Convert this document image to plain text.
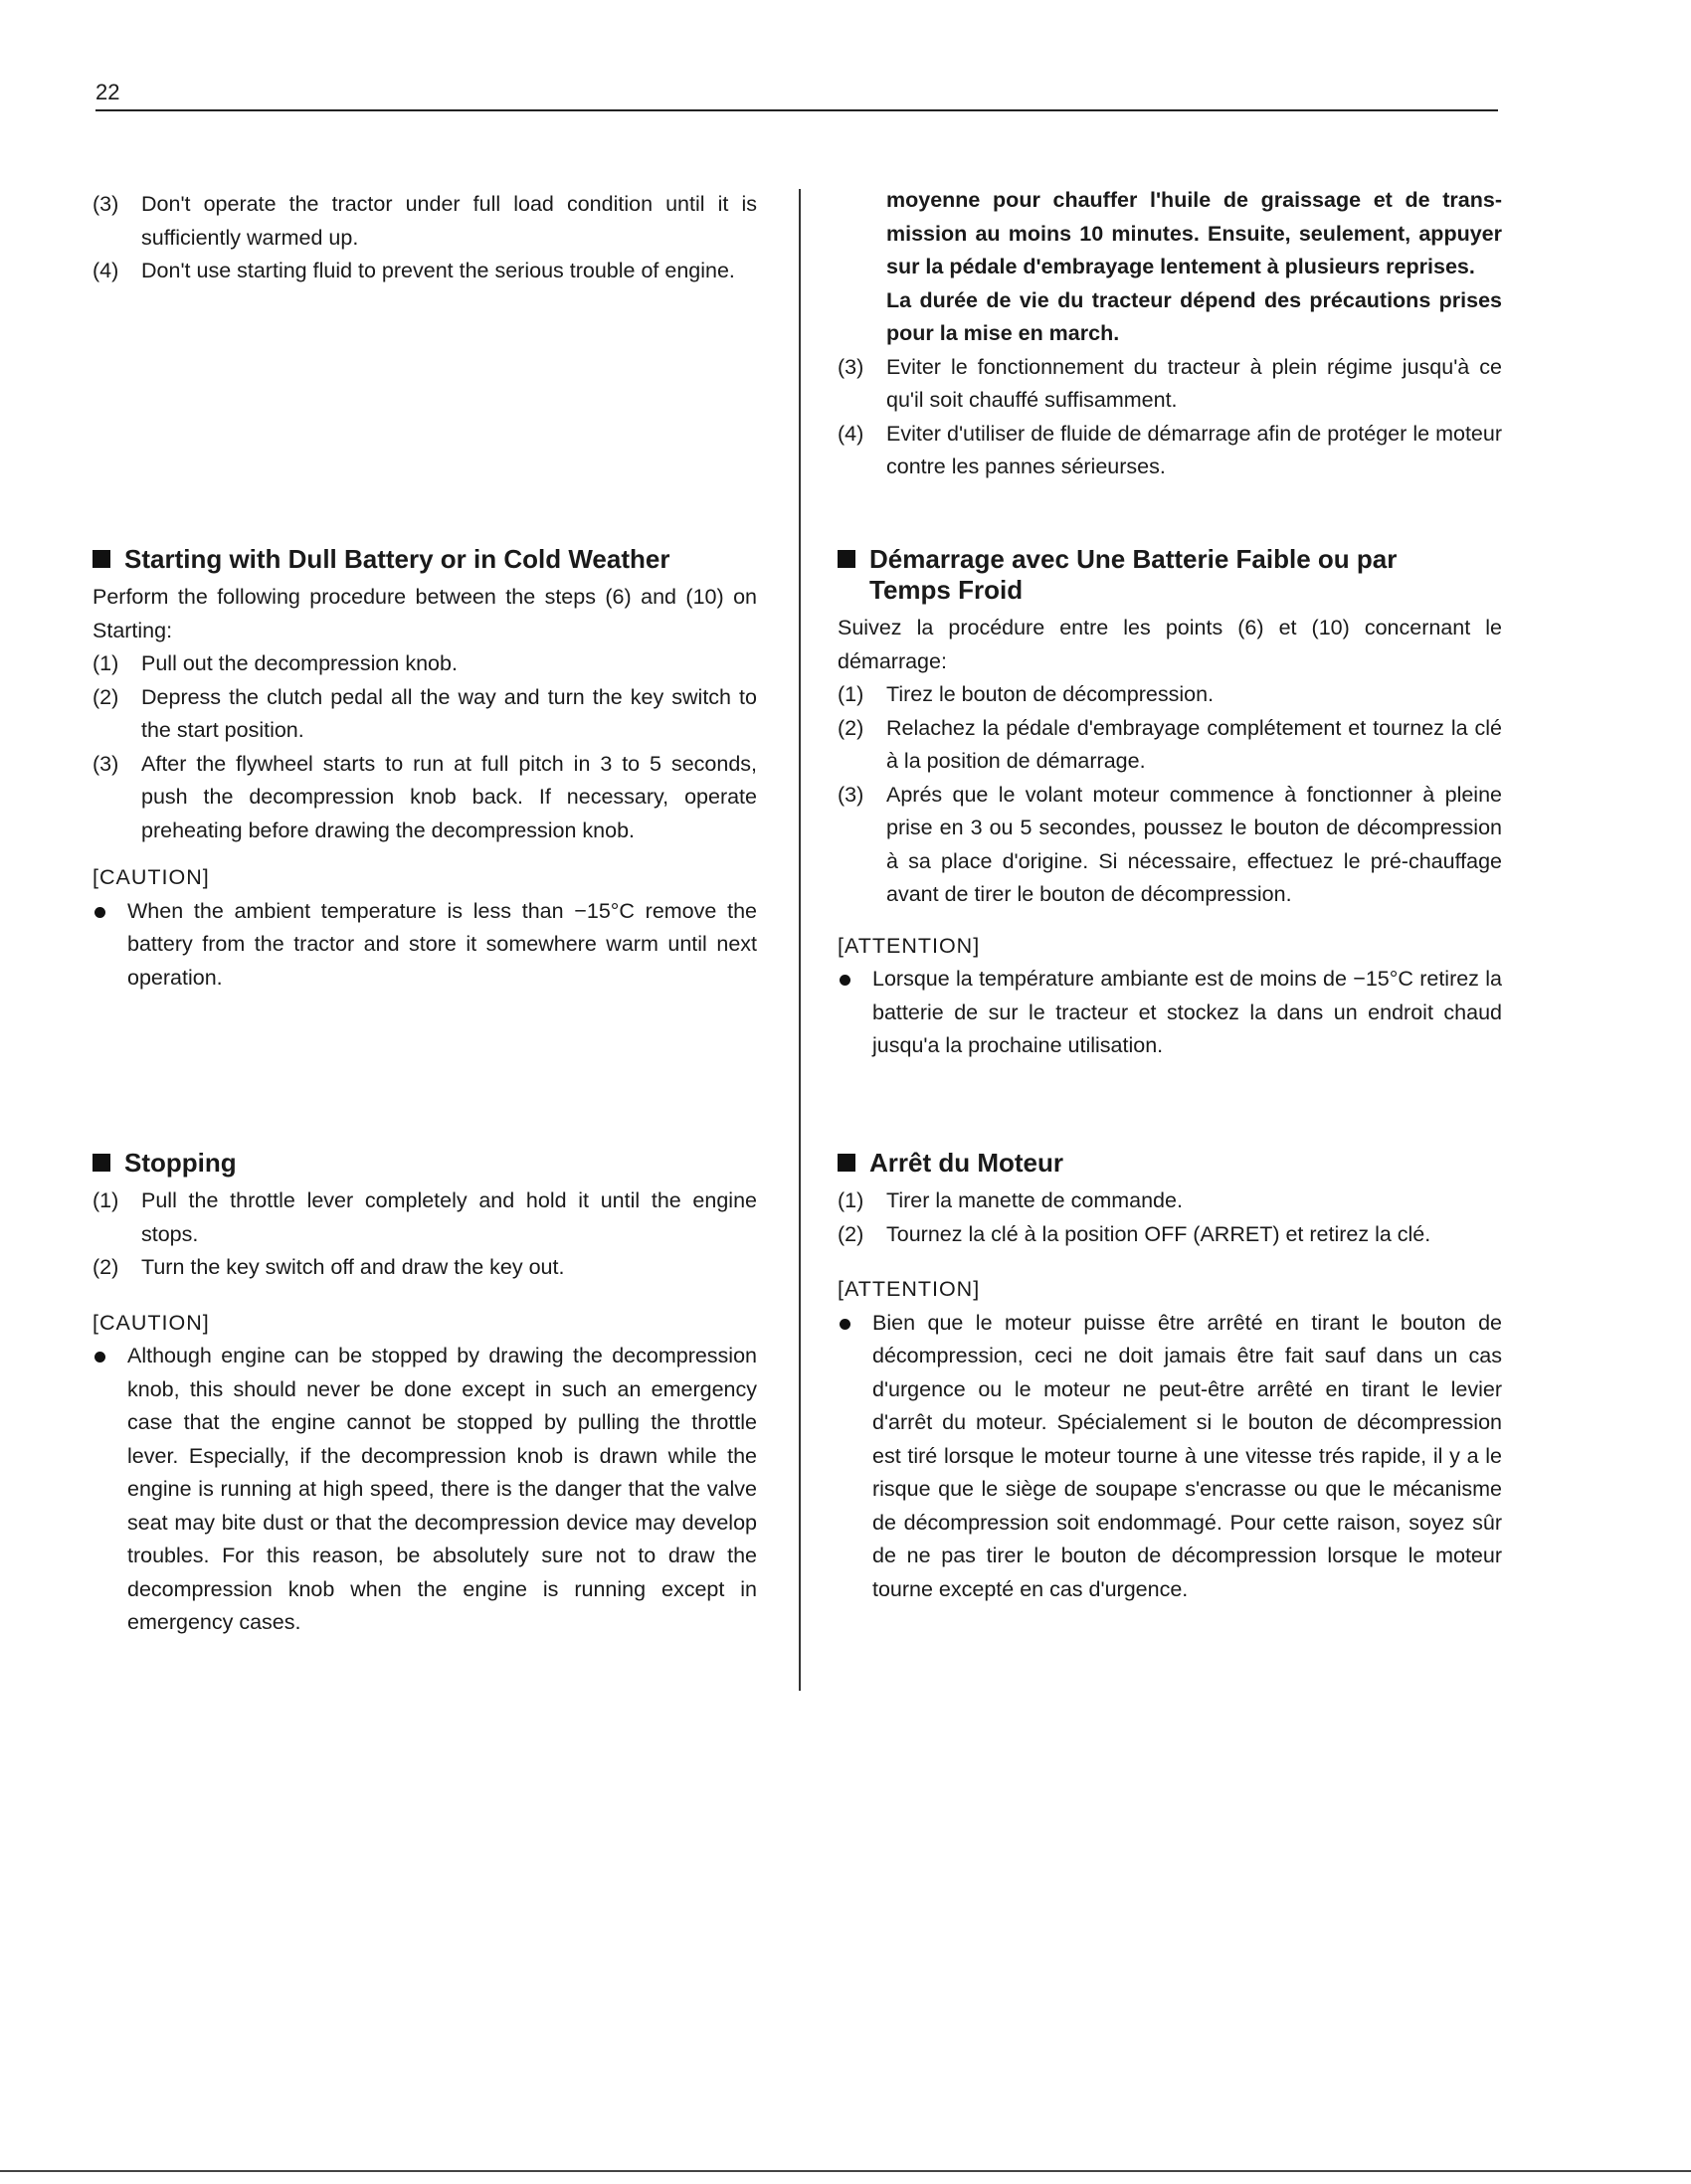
22
(3) Don't operate the tractor under full load condition until it is sufficiently warmed up.
(4) Don't use starting fluid to prevent the serious trouble of engine.
Starting with Dull Battery or in Cold Weather

Perform the following procedure between the steps (6) and (10) on Starting:

(1) Pull out the decompression knob.
(2) Depress the clutch pedal all the way and turn the key switch to the start position.
(3) After the flywheel starts to run at full pitch in 3 to 5 seconds, push the decompression knob back. If necessary, operate preheating before drawing the decompression knob.
[CAUTION]
When the ambient temperature is less than −15°C remove the battery from the tractor and store it somewhere warm until next operation.
Stopping
(1) Pull the throttle lever completely and hold it until the engine stops.
(2) Turn the key switch off and draw the key out.
[CAUTION]
Although engine can be stopped by drawing the decompression knob, this should never be done except in such an emergency case that the engine cannot be stopped by pulling the throttle lever. Especially, if the decompression knob is drawn while the engine is running at high speed, there is the danger that the valve seat may bite dust or that the decompression device may develop troubles. For this reason, be absolutely sure not to draw the decompression knob when the engine is running except in emergency cases.
moyenne pour chauffer l'huile de graissage et de transmission au moins 10 minutes. Ensuite, seulement, appuyer sur la pédale d'embrayage lentement à plusieurs reprises.
La durée de vie du tracteur dépend des précautions prises pour la mise en march.
(3) Eviter le fonctionnement du tracteur à plein régime jusqu'à ce qu'il soit chauffé suffisamment.
(4) Eviter d'utiliser de fluide de démarrage afin de protéger le moteur contre les pannes sérieurses.
Démarrage avec Une Batterie Faible ou par
Temps Froid

Suivez la procédure entre les points (6) et (10) concernant le démarrage:

(1) Tirez le bouton de décompression.
(2) Relachez la pédale d'embrayage complétement et tournez la clé à la position de démarrage.
(3) Aprés que le volant moteur commence à fonctionner à pleine prise en 3 ou 5 secondes, poussez le bouton de décompression à sa place d'origine. Si nécessaire, effectuez le pré-chauffage avant de tirer le bouton de décompression.
[ATTENTION]
Lorsque la température ambiante est de moins de −15°C retirez la batterie de sur le tracteur et stockez la dans un endroit chaud jusqu'a la prochaine utilisation.
Arrêt du Moteur
(1) Tirer la manette de commande.
(2) Tournez la clé à la position OFF (ARRET) et retirez la clé.
[ATTENTION]
Bien que le moteur puisse être arrêté en tirant le bouton de décompression, ceci ne doit jamais être fait sauf dans un cas d'urgence ou le moteur ne peut-être arrêté en tirant le levier d'arrêt du moteur. Spécialement si le bouton de décompression est tiré lorsque le moteur tourne à une vitesse trés rapide, il y a le risque que le siège de soupape s'encrasse ou que le mécanisme de décompression soit endommagé. Pour cette raison, soyez sûr de ne pas tirer le bouton de décompression lorsque le moteur tourne excepté en cas d'urgence.
